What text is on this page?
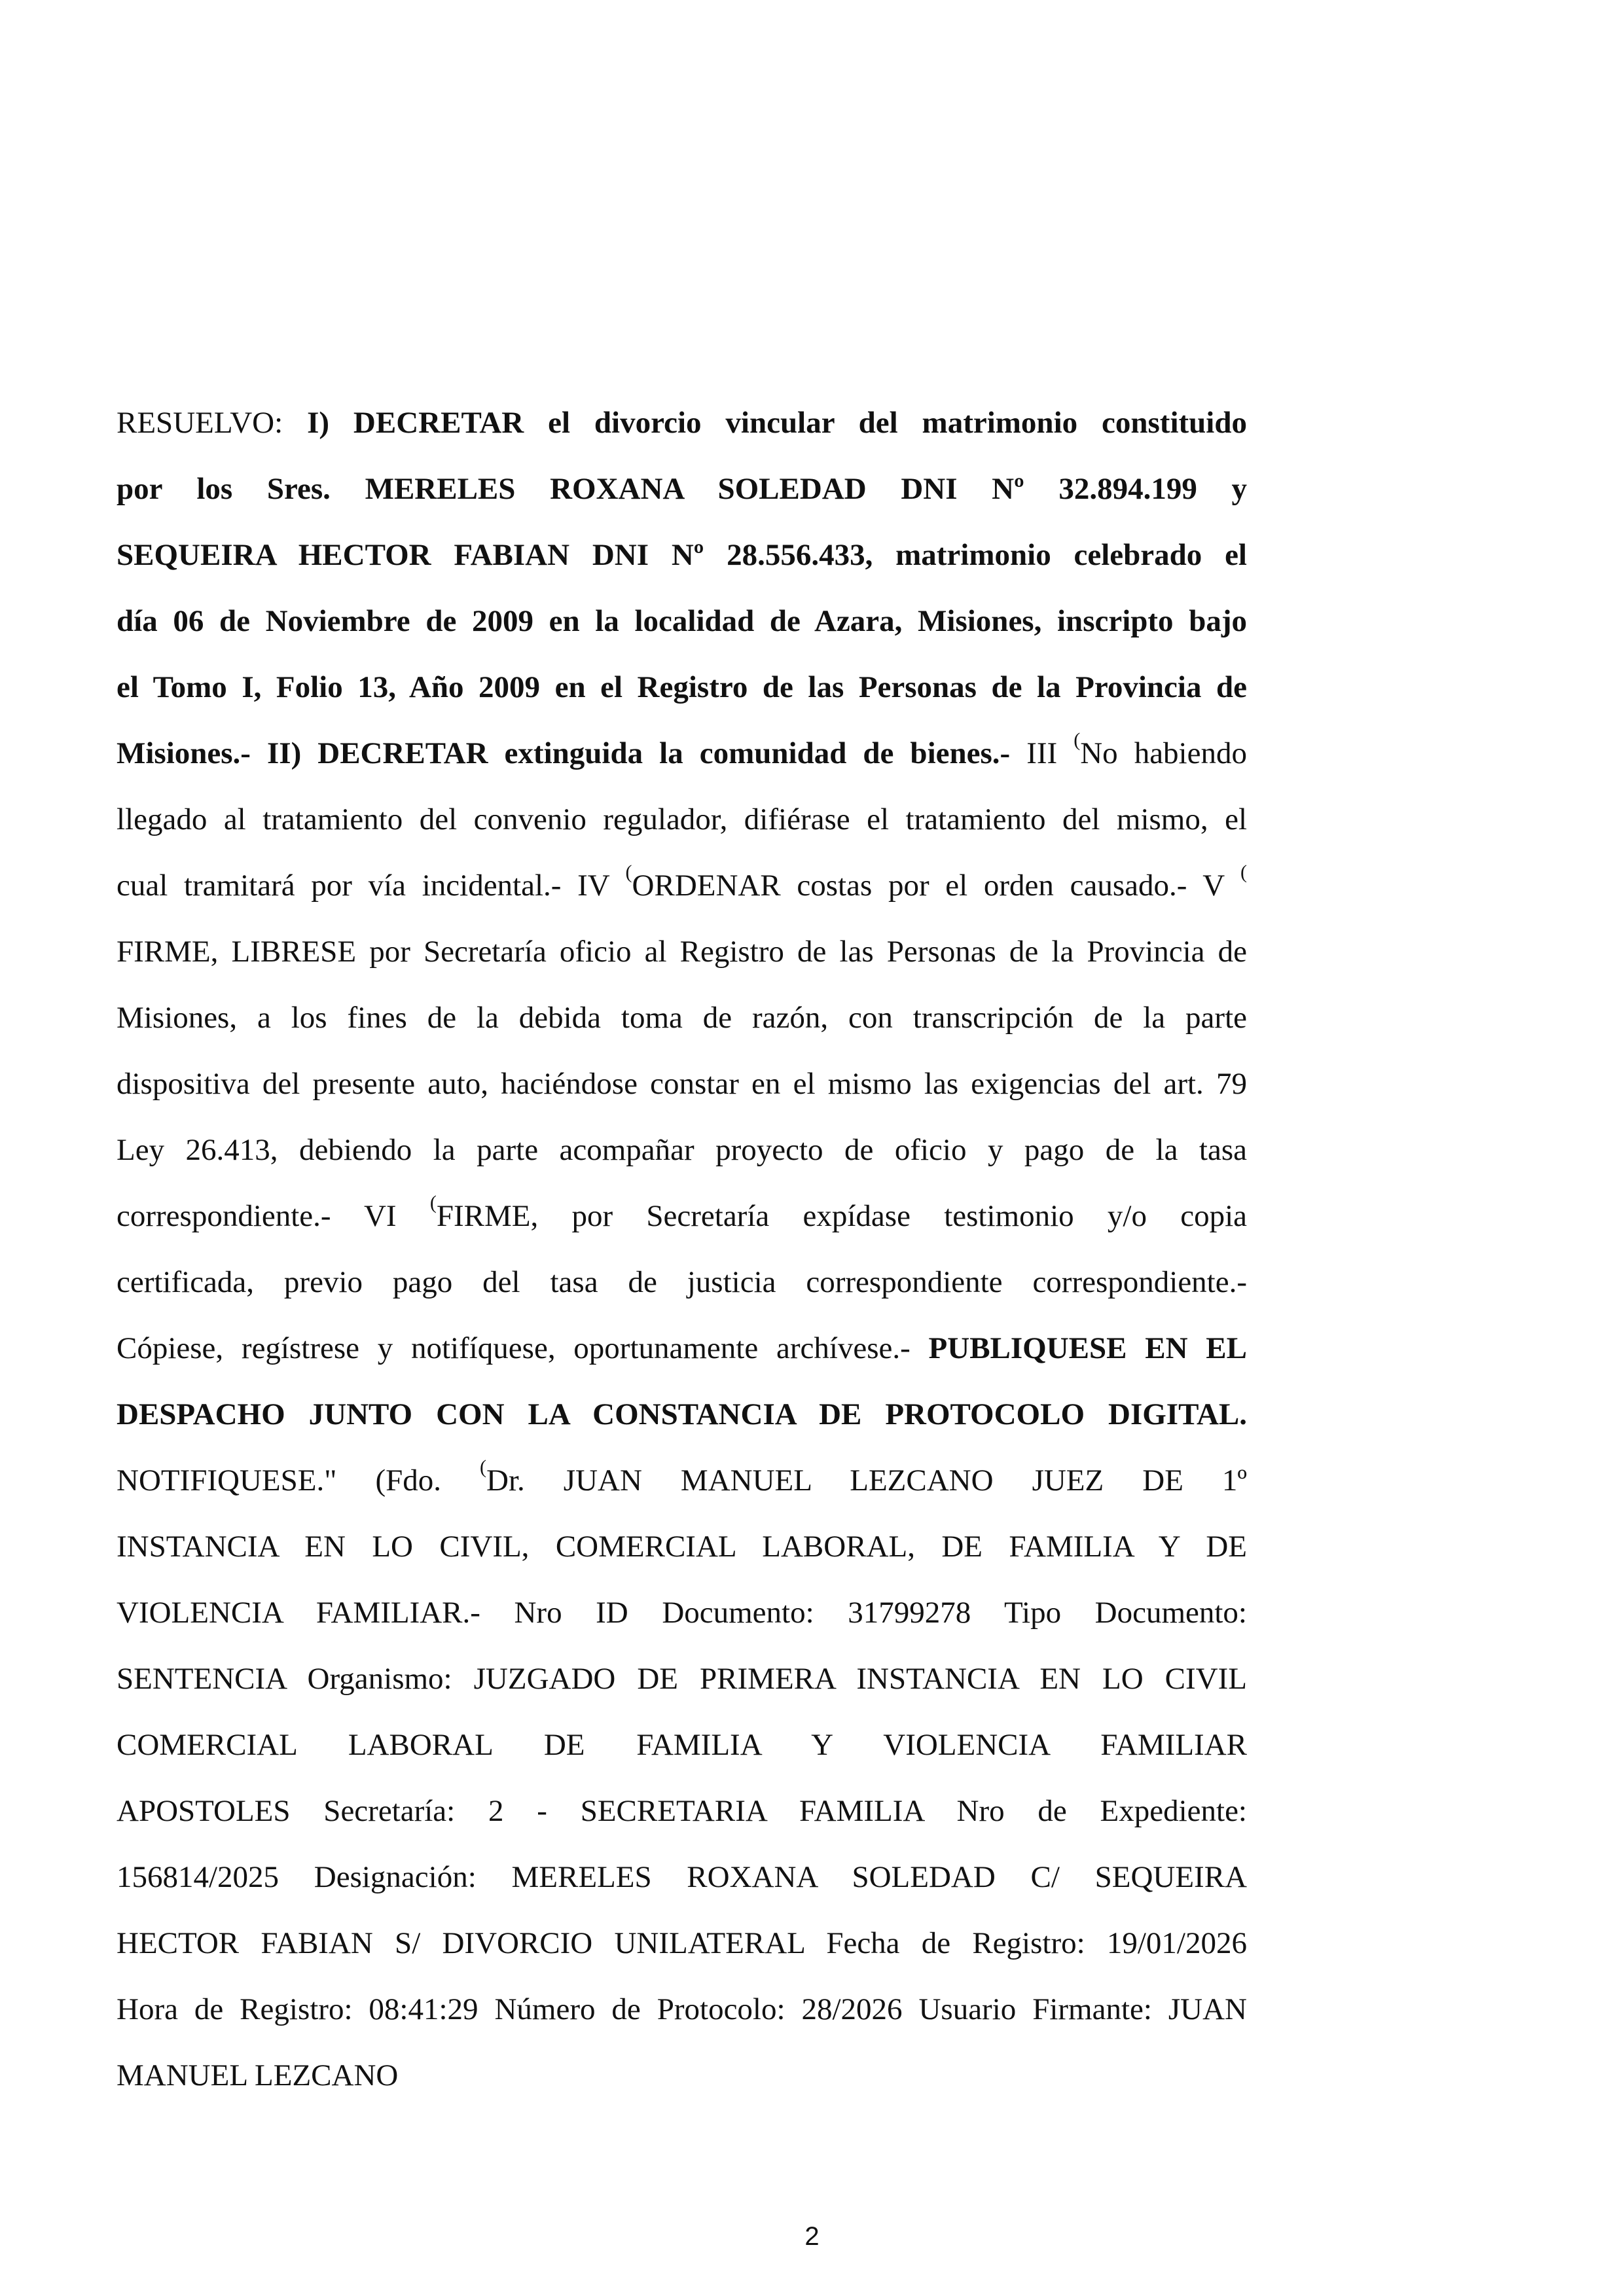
RESUELVO: I) DECRETAR el divorcio vincular del matrimonio constituido
por los Sres. MERELES ROXANA SOLEDAD DNI Nº 32.894.199 y
SEQUEIRA HECTOR FABIAN DNI Nº 28.556.433, matrimonio celebrado el
día 06 de Noviembre de 2009 en la localidad de Azara, Misiones, inscripto bajo
el Tomo I, Folio 13, Año 2009 en el Registro de las Personas de la Provincia de
Misiones.- II) DECRETAR extinguida la comunidad de bienes.- III (No habiendo
llegado al tratamiento del convenio regulador, difiérase el tratamiento del mismo, el
cual tramitará por vía incidental.- IV (ORDENAR costas por el orden causado.- V (
FIRME, LIBRESE por Secretaría oficio al Registro de las Personas de la Provincia de
Misiones, a los fines de la debida toma de razón, con transcripción de la parte
dispositiva del presente auto, haciéndose constar en el mismo las exigencias del art. 79
Ley 26.413, debiendo la parte acompañar proyecto de oficio y pago de la tasa
correspondiente.- VI (FIRME, por Secretaría expídase testimonio y/o copia
certificada, previo pago del tasa de justicia correspondiente correspondiente.-
Cópiese, regístrese y notifíquese, oportunamente archívese.- PUBLIQUESE EN EL
DESPACHO JUNTO CON LA CONSTANCIA DE PROTOCOLO DIGITAL.
NOTIFIQUESE." (Fdo. (Dr. JUAN MANUEL LEZCANO JUEZ DE 1º
INSTANCIA EN LO CIVIL, COMERCIAL LABORAL, DE FAMILIA Y DE
VIOLENCIA FAMILIAR.- Nro ID Documento: 31799278 Tipo Documento:
SENTENCIA Organismo: JUZGADO DE PRIMERA INSTANCIA EN LO CIVIL
COMERCIAL LABORAL DE FAMILIA Y VIOLENCIA FAMILIAR
APOSTOLES Secretaría: 2 - SECRETARIA FAMILIA Nro de Expediente:
156814/2025 Designación: MERELES ROXANA SOLEDAD C/ SEQUEIRA
HECTOR FABIAN S/ DIVORCIO UNILATERAL Fecha de Registro: 19/01/2026
Hora de Registro: 08:41:29 Número de Protocolo: 28/2026 Usuario Firmante: JUAN
MANUEL LEZCANO
2
